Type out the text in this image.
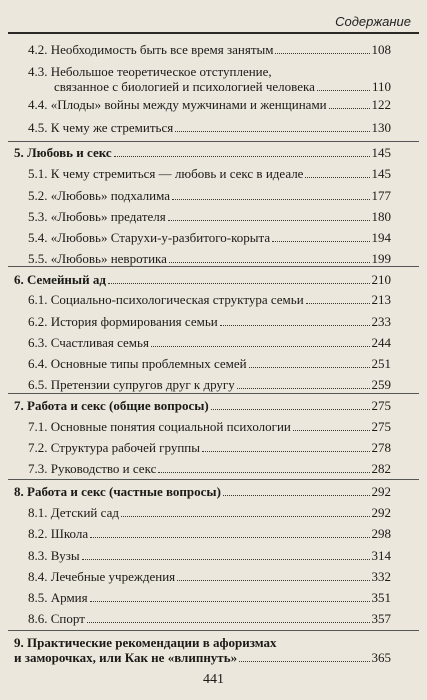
Содержание
4.2. Необходимость быть все время занятым	108
4.3. Небольшое теоретическое отступление,
связанное с биологией и психологией человека	110
4.4. «Плоды» войны между мужчинами и женщинами	122
4.5. К чему же стремиться	130
5. Любовь и секс	145
5.1. К чему стремиться — любовь и секс в идеале	145
5.2. «Любовь» подхалима	177
5.3. «Любовь» предателя	180
5.4. «Любовь» Старухи-у-разбитого-корыта	194
5.5. «Любовь» невротика	199
6. Семейный ад	210
6.1. Социально-психологическая структура семьи	213
6.2. История формирования семьи	233
6.3. Счастливая семья	244
6.4. Основные типы проблемных семей	251
6.5. Претензии супругов друг к другу	259
7. Работа и секс (общие вопросы)	275
7.1. Основные понятия социальной психологии	275
7.2. Структура рабочей группы	278
7.3. Руководство и секс	282
8. Работа и секс (частные вопросы)	292
8.1. Детский сад	292
8.2. Школа	298
8.3. Вузы	314
8.4. Лечебные учреждения	332
8.5. Армия	351
8.6. Спорт	357
9. Практические рекомендации в афоризмах
и заморочках, или Как не «влипнуть»	365
441
